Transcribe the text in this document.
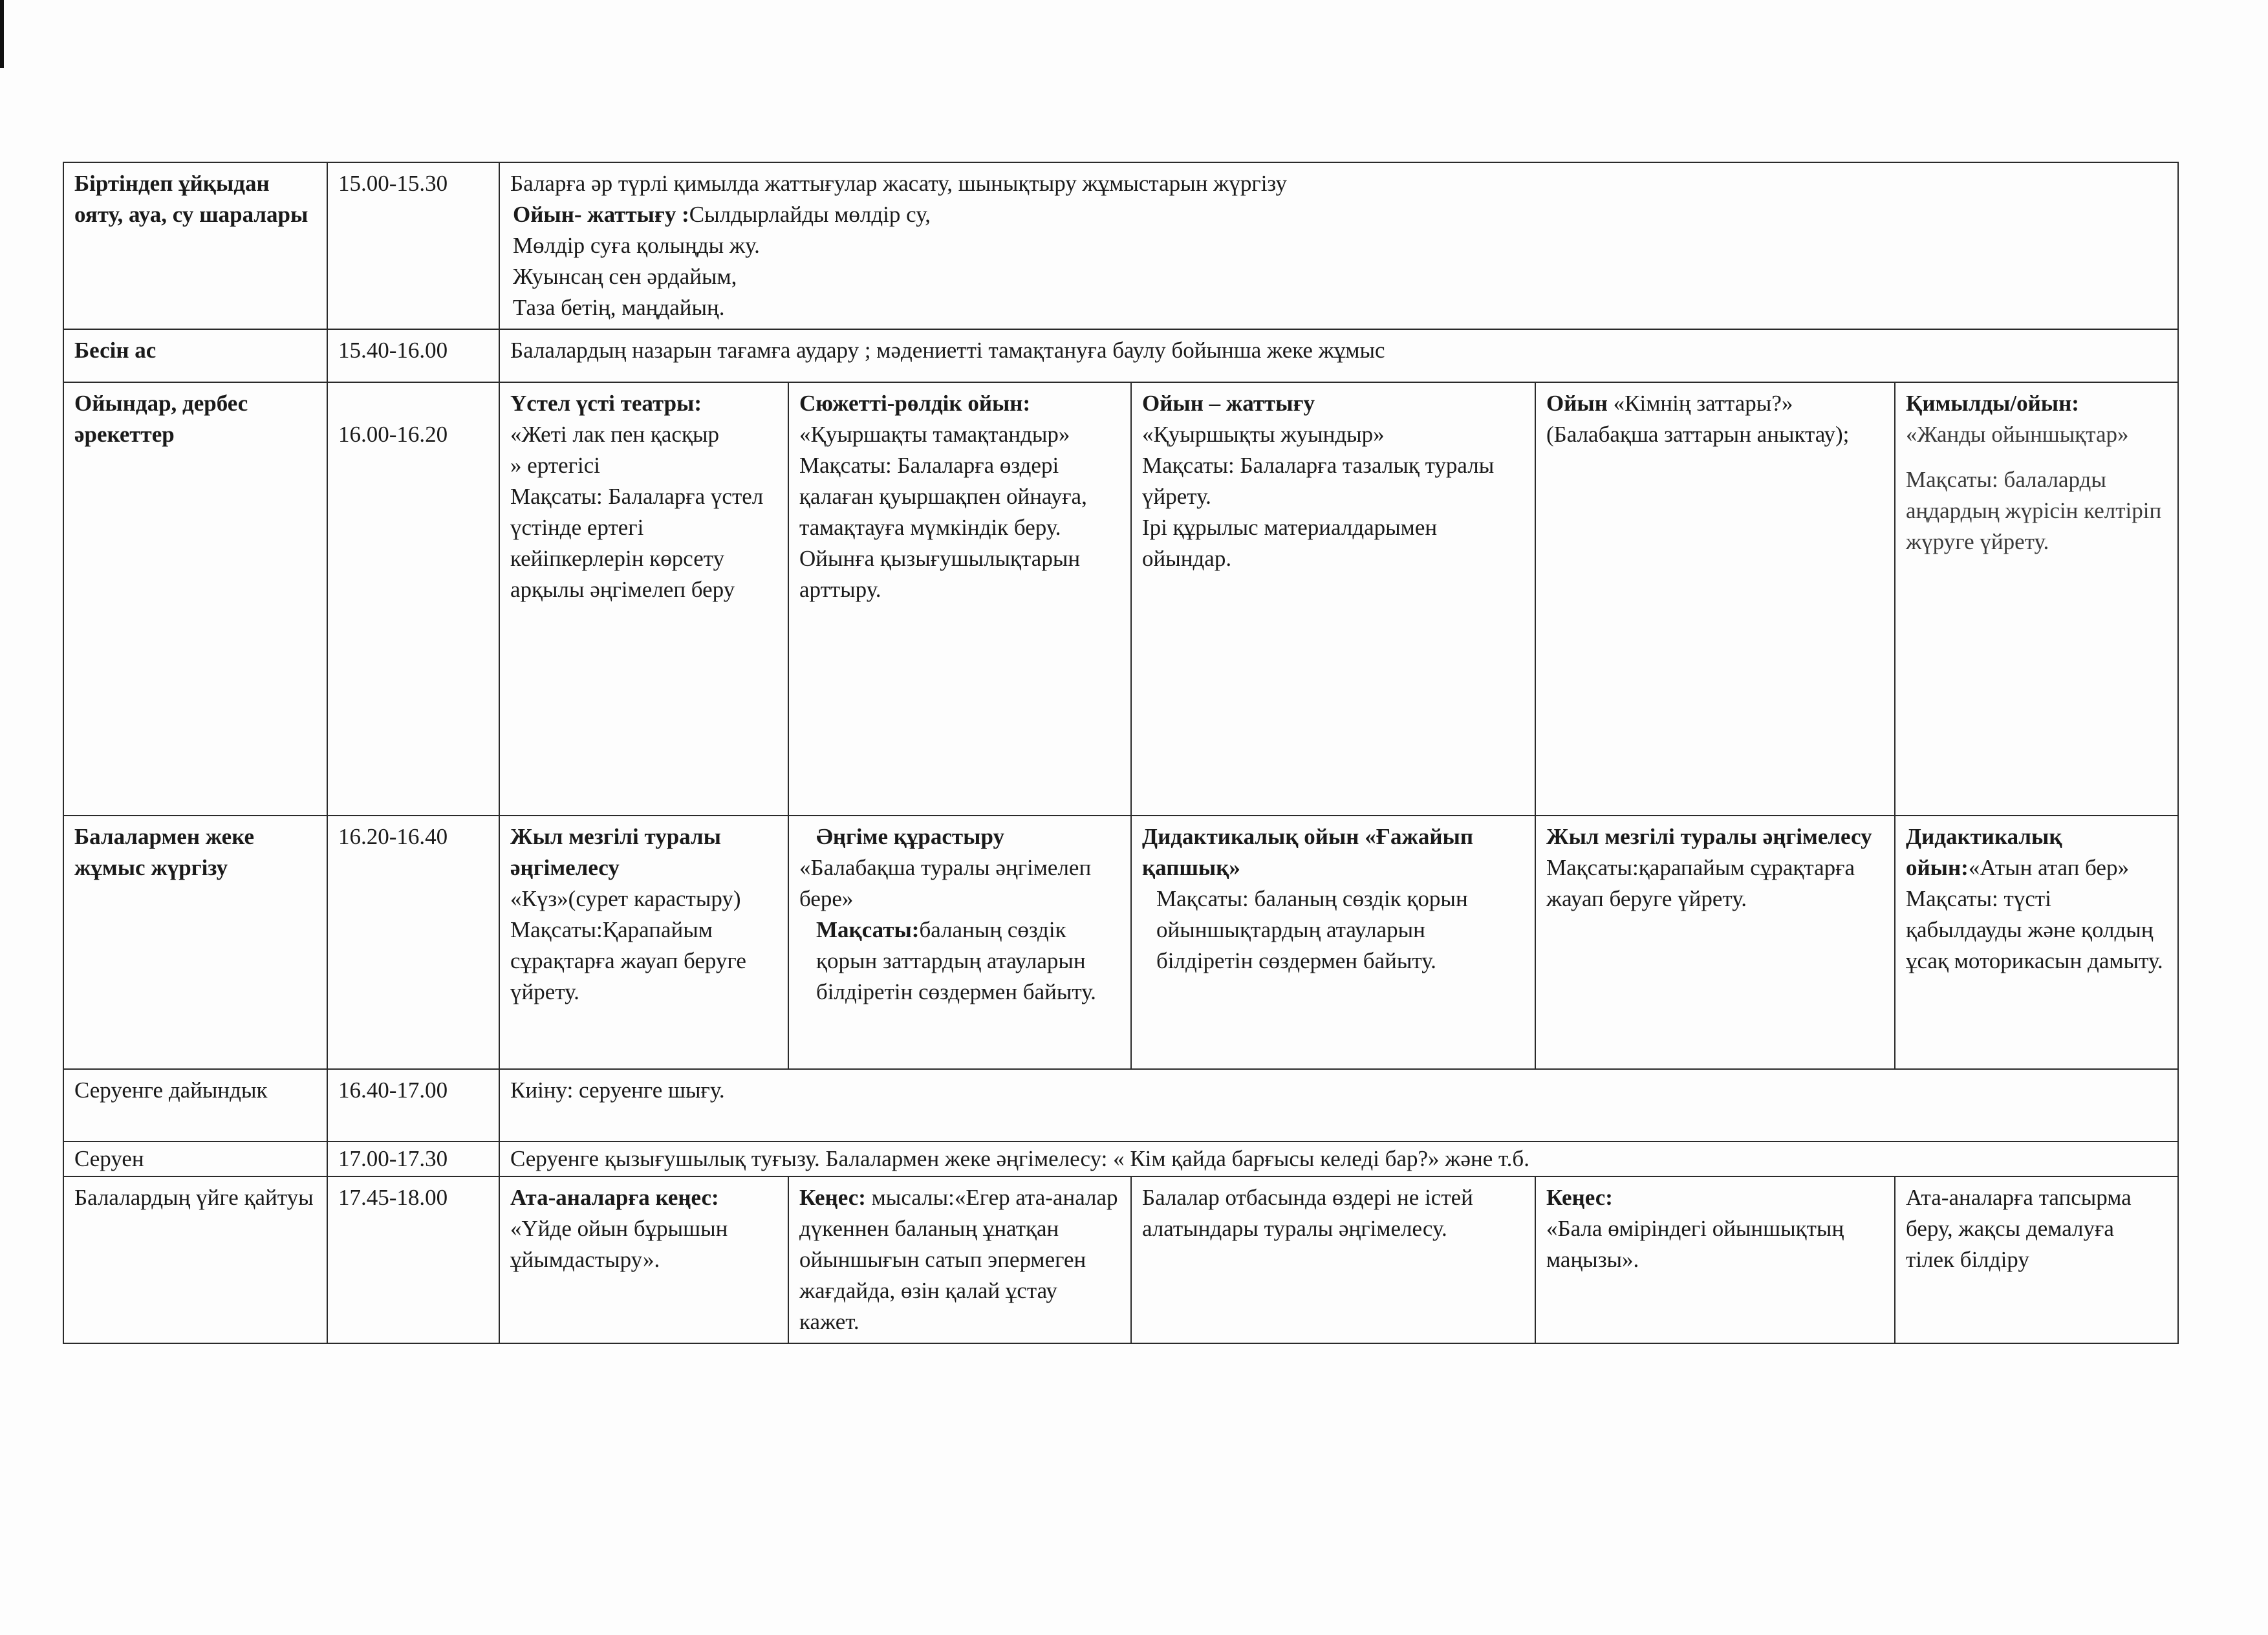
Біртіндеп ұйқыдан ояту, ауа, су шаралары	15.00-15.30	Баларға әр түрлі қимылда жаттығулар жасату, шынықтыру жұмыстарын жүргізу
Ойын- жаттығу :Сылдырлайды мөлдір су,
Мөлдір суға қолыңды жу.
Жуынсаң сен әрдайым,
Таза бетің, маңдайың.				

Бесін ас	15.40-16.00	Балалардың назарын тағамға аудару ; мәдениетті тамақтануға баулу бойынша жеке жұмыс				
Ойындар, дербес әрекеттер	16.00-16.20	Үстел үсті театры:
«Жеті лак пен қасқыр
» ертегісі
Мақсаты: Балаларға үстел үстінде ертегі кейіпкерлерін көрсету арқылы әңгімелеп беру	Сюжетті-рөлдік ойын:
«Қуыршақты тамақтандыр»
Мақсаты: Балаларға өздері қалаған қуыршақпен ойнауға, тамақтауға мүмкіндік беру. Ойынға қызығушылықтарын арттыру.	Ойын – жаттығу
«Қуыршықты жуындыр»
Мақсаты: Балаларға тазалық туралы үйрету.
Ірі құрылыс материалдарымен ойындар.	Ойын «Кімнің заттары?» (Балабақша заттарын аныктау);	Қимылды/ойын:
«Жанды ойыншықтар»
Мақсаты: балаларды аңдардың жүрісін келтіріп жүруге үйрету.

Балалармен жеке жұмыс жүргізу	16.20-16.40	Жыл мезгілі туралы әңгімелесу
«Күз»(сурет карастыру)
Мақсаты:Қарапайым сұрақтарға жауап беруге үйрету.	Әңгіме құрастыру
«Балабақша туралы әңгімелеп бере»
Мақсаты:баланың сөздік қорын заттардың атауларын білдіретін сөздермен байыту.	Дидактикалық ойын «Ғажайып қапшық»
Мақсаты: баланың сөздік қорын ойыншықтардың атауларын білдіретін сөздермен байыту.	Жыл мезгілі туралы әңгімелесу
Мақсаты:қарапайым сұрақтарға жауап беруге үйрету.	Дидактикалық ойын:«Атын атап бер»
Мақсаты: түсті қабылдауды және қолдың ұсақ моторикасын дамыту.

Серуенге дайындык	16.40-17.00	Киіну: серуенге шығу.				
Серуен	17.00-17.30	Серуенге қызығушылық туғызу. Балалармен жеке әңгімелесу: « Кім қайда барғысы келеді бар?» және т.б.				
Балалардың үйге қайтуы	17.45-18.00	Ата-аналарға кеңес:
«Үйде ойын бұрышын ұйымдастыру».	Кеңес: мысалы:«Егер ата-аналар дүкеннен баланың ұнатқан ойыншығын сатып эпермеген жағдайда, өзін қалай ұстау кажет.	Балалар отбасында өздері не істей алатындары туралы әңгімелесу.	Кеңес:
«Бала өміріндегі ойыншықтың маңызы».	Ата-аналарға тапсырма беру, жақсы демалуға тілек білдіру
